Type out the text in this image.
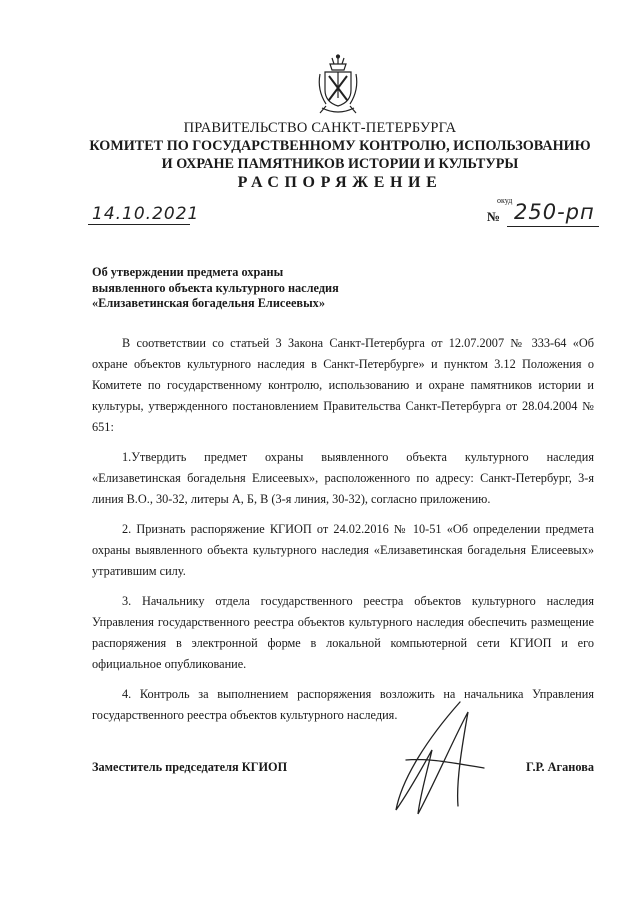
ПРАВИТЕЛЬСТВО САНКТ-ПЕТЕРБУРГА
КОМИТЕТ ПО ГОСУДАРСТВЕННОМУ КОНТРОЛЮ, ИСПОЛЬЗОВАНИЮ
И ОХРАНЕ ПАМЯТНИКОВ ИСТОРИИ И КУЛЬТУРЫ
РАСПОРЯЖЕНИЕ
14.10.2021
окуд
№ 250-рп
Об утверждении предмета охраны
выявленного объекта культурного наследия
«Елизаветинская богадельня Елисеевых»

В соответствии со статьей 3 Закона Санкт-Петербурга от 12.07.2007 № 333-64 «Об охране объектов культурного наследия в Санкт-Петербурге» и пунктом 3.12 Положения о Комитете по государственному контролю, использованию и охране памятников истории и культуры, утвержденного постановлением Правительства Санкт-Петербурга от 28.04.2004 № 651:

1.Утвердить предмет охраны выявленного объекта культурного наследия «Елизаветинская богадельня Елисеевых», расположенного по адресу: Санкт-Петербург, 3-я линия В.О., 30-32, литеры А, Б, В (3-я линия, 30-32), согласно приложению.

2. Признать распоряжение КГИОП от 24.02.2016 № 10-51 «Об определении предмета охраны выявленного объекта культурного наследия «Елизаветинская богадельня Елисеевых» утратившим силу.

3. Начальнику отдела государственного реестра объектов культурного наследия Управления государственного реестра объектов культурного наследия обеспечить размещение распоряжения в электронной форме в локальной компьютерной сети КГИОП и его официальное опубликование.

4. Контроль за выполнением распоряжения возложить на начальника Управления государственного реестра объектов культурного наследия.

Заместитель председателя КГИОП	Г.Р. Аганова
